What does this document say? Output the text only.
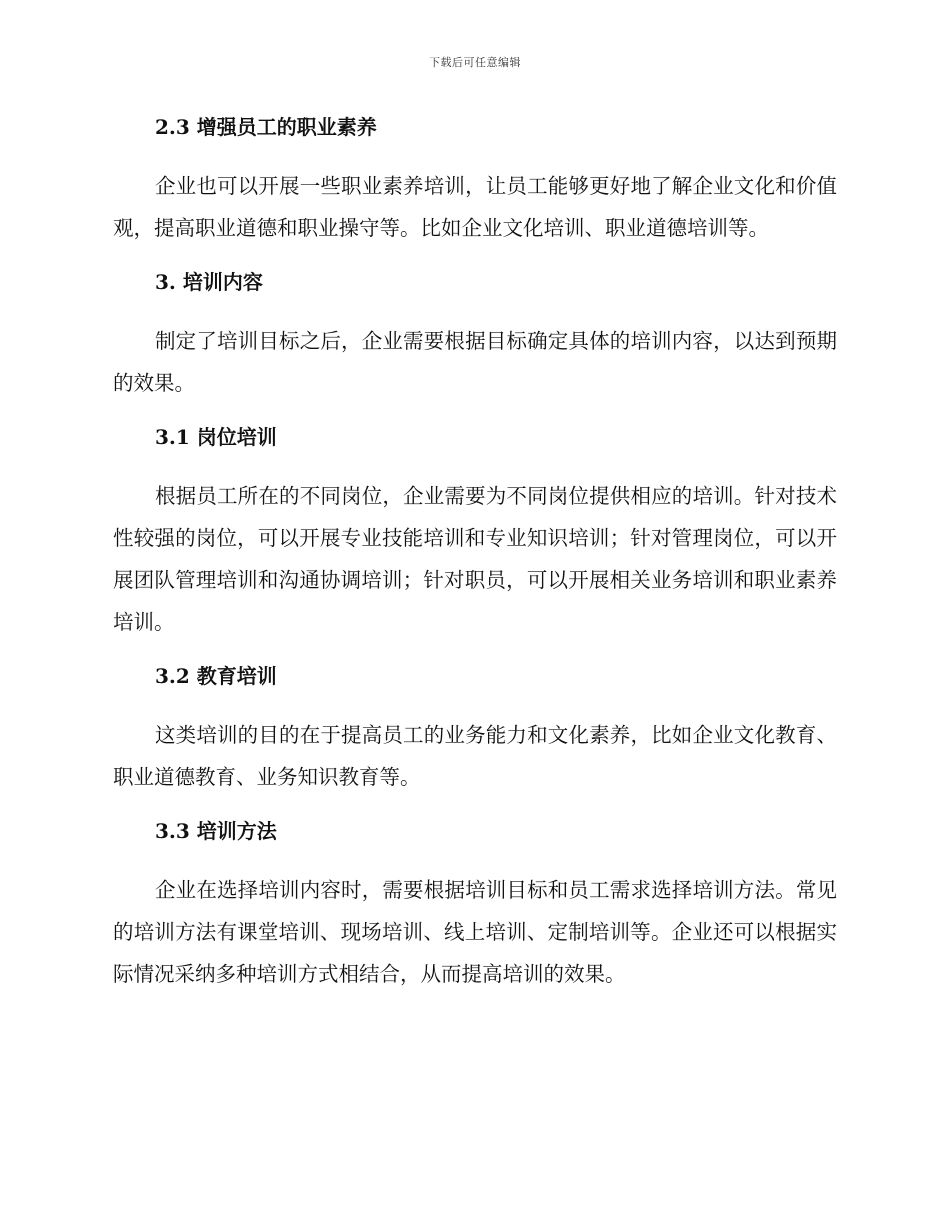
下载后可任意编辑
2.3 增强员工的职业素养

企业也可以开展一些职业素养培训，让员工能够更好地了解企业文化和价值观，提高职业道德和职业操守等。比如企业文化培训、职业道德培训等。

3. 培训内容

制定了培训目标之后，企业需要根据目标确定具体的培训内容，以达到预期的效果。

3.1 岗位培训

根据员工所在的不同岗位，企业需要为不同岗位提供相应的培训。针对技术性较强的岗位，可以开展专业技能培训和专业知识培训；针对管理岗位，可以开展团队管理培训和沟通协调培训；针对职员，可以开展相关业务培训和职业素养培训。

3.2 教育培训

这类培训的目的在于提高员工的业务能力和文化素养，比如企业文化教育、职业道德教育、业务知识教育等。

3.3 培训方法

企业在选择培训内容时，需要根据培训目标和员工需求选择培训方法。常见的培训方法有课堂培训、现场培训、线上培训、定制培训等。企业还可以根据实际情况采纳多种培训方式相结合，从而提高培训的效果。
